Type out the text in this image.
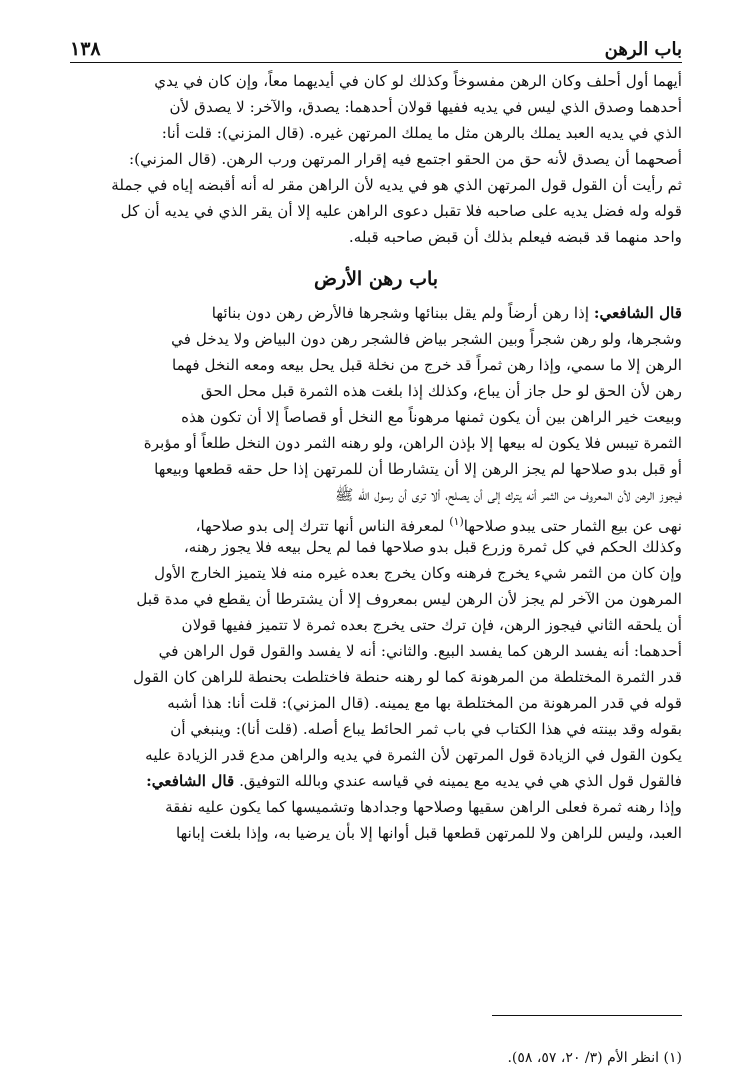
١٣٨	باب الرهن
أيهما أول أحلف وكان الرهن مفسوخاً وكذلك لو كان في أيديهما معاً، وإن كان في يدي
أحدهما وصدق الذي ليس في يديه ففيها قولان أحدهما: يصدق، والآخر: لا يصدق لأن
الذي في يديه العبد يملك بالرهن مثل ما يملك المرتهن غيره. (قال المزني): قلت أنا:
أصحهما أن يصدق لأنه حق من الحقو اجتمع فيه إقرار المرتهن ورب الرهن. (قال المزني):
ثم رأيت أن القول قول المرتهن الذي هو في يديه لأن الراهن مقر له أنه أقبضه إياه في جملة
قوله وله فضل يديه على صاحبه فلا تقبل دعوى الراهن عليه إلا أن يقر الذي في يديه أن كل
واحد منهما قد قبضه فيعلم بذلك أن قبض صاحبه قبله.
باب رهن الأرض
قال الشافعي: إذا رهن أرضاً ولم يقل ببنائها وشجرها فالأرض رهن دون بنائها
وشجرها، ولو رهن شجراً وبين الشجر بياض فالشجر رهن دون البياض ولا يدخل في
الرهن إلا ما سمي، وإذا رهن ثمراً قد خرج من نخلة قبل يحل بيعه ومعه النخل فهما
رهن لأن الحق لو حل جاز أن يباع، وكذلك إذا بلغت هذه الثمرة قبل محل الحق
وبيعت خير الراهن بين أن يكون ثمنها مرهوناً مع النخل أو قصاصاً إلا أن تكون هذه
الثمرة تيبس فلا يكون له بيعها إلا بإذن الراهن، ولو رهنه الثمر دون النخل طلعاً أو مؤبرة
أو قبل بدو صلاحها لم يجز الرهن إلا أن يتشارطا أن للمرتهن إذا حل حقه قطعها وبيعها
فيجوز الرهن لأن المعروف من الثمر أنه يترك إلى أن يصلح، ألا ترى أن رسول الله ﷺ
نهى عن بيع الثمار حتى يبدو صلاحها$^{(١)}$ لمعرفة الناس أنها تترك إلى بدو صلاحها،
وكذلك الحكم في كل ثمرة وزرع قبل بدو صلاحها فما لم يحل بيعه فلا يجوز رهنه،
وإن كان من الثمر شيء يخرج فرهنه وكان يخرج بعده غيره منه فلا يتميز الخارج الأول
المرهون من الآخر لم يجز لأن الرهن ليس بمعروف إلا أن يشترطا أن يقطع في مدة قبل
أن يلحقه الثاني فيجوز الرهن، فإن ترك حتى يخرج بعده ثمرة لا تتميز ففيها قولان
أحدهما: أنه يفسد الرهن كما يفسد البيع. والثاني: أنه لا يفسد والقول قول الراهن في
قدر الثمرة المختلطة من المرهونة كما لو رهنه حنطة فاختلطت بحنطة للراهن كان القول
قوله في قدر المرهونة من المختلطة بها مع يمينه. (قال المزني): قلت أنا: هذا أشبه
بقوله وقد بينته في هذا الكتاب في باب ثمر الحائط يباع أصله. (قلت أنا): وينبغي أن
يكون القول في الزيادة قول المرتهن لأن الثمرة في يديه والراهن مدع قدر الزيادة عليه
فالقول قول الذي هي في يديه مع يمينه في قياسه عندي وبالله التوفيق. قال الشافعي:
وإذا رهنه ثمرة فعلى الراهن سقيها وصلاحها وجدادها وتشميسها كما يكون عليه نفقة
العبد، وليس للراهن ولا للمرتهن قطعها قبل أوانها إلا بأن يرضيا به، وإذا بلغت إبانها
(١) انظر الأم (٣/ ٢٠، ٥٧، ٥٨).
